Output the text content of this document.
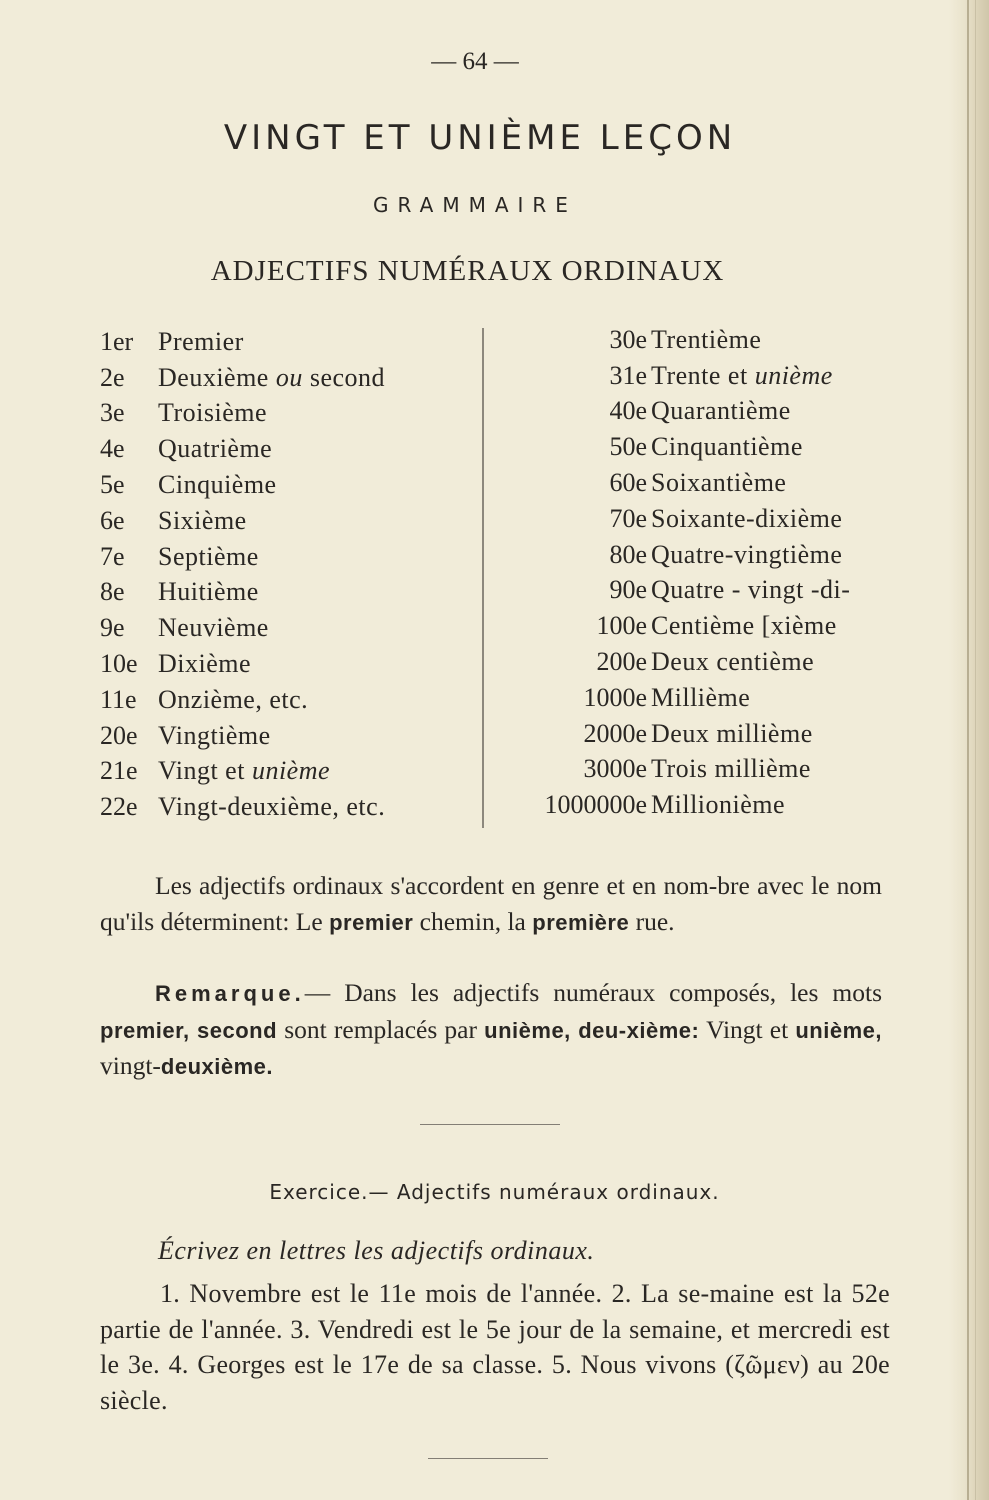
— 64 —
VINGT ET UNIÈME LEÇON
GRAMMAIRE
ADJECTIFS NUMÉRAUX ORDINAUX
1er Premier
2e	Deuxième ou second
3e	Troisième
4e	Quatrième
5e	Cinquième
6e	Sixième
7e	Septième
8e	Huitième
9e	Neuvième
10e Dixième
11e Onzième, etc.
20e Vingtième
21e Vingt et unième
22e Vingt-deuxième, etc.
30e Trentième
31e Trente et unième
40e Quarantième
50e Cinquantième
60e Soixantième
70e Soixante-dixième
80e Quatre-vingtième
90e Quatre - vingt -di-
100e Centième [xième
200e Deux centième
1000e Millième
2000e Deux millième
3000e Trois millième
1000000e Millionième
Les adjectifs ordinaux s'accordent en genre et en nom-bre avec le nom qu'ils déterminent: Le premier chemin, la première rue.
Remarque.— Dans les adjectifs numéraux composés, les mots premier, second sont remplacés par unième, deu-xième: Vingt et unième, vingt-deuxième.
Exercice.— Adjectifs numéraux ordinaux.
Écrivez en lettres les adjectifs ordinaux.
1. Novembre est le 11e mois de l'année. 2. La se-maine est la 52e partie de l'année. 3. Vendredi est le 5e jour de la semaine, et mercredi est le 3e. 4. Georges est le 17e de sa classe. 5. Nous vivons (ζῶμεν) au 20e siècle.
